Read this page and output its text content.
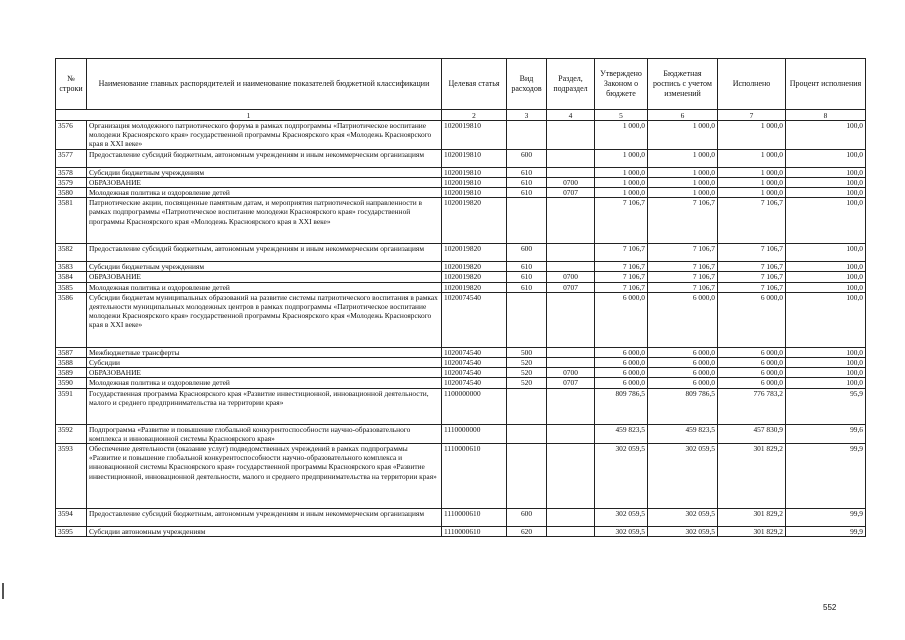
№ строки	Наименование главных распорядителей и наименование показателей бюджетной классификации	Целевая статья	Вид расходов	Раздел, подраздел	Утверждено Законом о бюджете	Бюджетная роспись с учетом изменений	Исполнено	Процент исполнения
1		2	3	4	5	6	7	8
3576	Организация молодежного патриотического форума в рамках подпрограммы «Патриотическое воспитание молодежи Красноярского края» государственной программы Красноярского края «Молодежь Красноярского края в XXI веке»	1020019810			1 000,0	1 000,0	1 000,0	100,0
3577	Предоставление субсидий бюджетным, автономным учреждениям и иным некоммерческим организациям	1020019810	600		1 000,0	1 000,0	1 000,0	100,0
3578	Субсидии бюджетным учреждениям	1020019810	610		1 000,0	1 000,0	1 000,0	100,0
3579	ОБРАЗОВАНИЕ	1020019810	610	0700	1 000,0	1 000,0	1 000,0	100,0
3580	Молодежная политика и оздоровление детей	1020019810	610	0707	1 000,0	1 000,0	1 000,0	100,0
3581	Патриотические акции, посвященные памятным датам, и мероприятия патриотической направленности в рамках подпрограммы «Патриотическое воспитание молодежи Красноярского края» государственной программы Красноярского края «Молодежь Красноярского края в XXI веке»	1020019820			7 106,7	7 106,7	7 106,7	100,0
3582	Предоставление субсидий бюджетным, автономным учреждениям и иным некоммерческим организациям	1020019820	600		7 106,7	7 106,7	7 106,7	100,0
3583	Субсидии бюджетным учреждениям	1020019820	610		7 106,7	7 106,7	7 106,7	100,0
3584	ОБРАЗОВАНИЕ	1020019820	610	0700	7 106,7	7 106,7	7 106,7	100,0
3585	Молодежная политика и оздоровление детей	1020019820	610	0707	7 106,7	7 106,7	7 106,7	100,0
3586	Субсидии бюджетам муниципальных образований на развитие системы патриотического воспитания в рамках деятельности муниципальных молодежных центров в рамках подпрограммы «Патриотическое воспитание молодежи Красноярского края» государственной программы Красноярского края «Молодежь Красноярского края в XXI веке»	1020074540			6 000,0	6 000,0	6 000,0	100,0
3587	Межбюджетные трансферты	1020074540	500		6 000,0	6 000,0	6 000,0	100,0
3588	Субсидии	1020074540	520		6 000,0	6 000,0	6 000,0	100,0
3589	ОБРАЗОВАНИЕ	1020074540	520	0700	6 000,0	6 000,0	6 000,0	100,0
3590	Молодежная политика и оздоровление детей	1020074540	520	0707	6 000,0	6 000,0	6 000,0	100,0
3591	Государственная программа Красноярского края «Развитие инвестиционной, инновационной деятельности, малого и среднего предпринимательства на территории края»	1100000000			809 786,5	809 786,5	776 783,2	95,9
3592	Подпрограмма «Развитие и повышение глобальной конкурентоспособности научно-образовательного комплекса и инновационной системы Красноярского края»	1110000000			459 823,5	459 823,5	457 830,9	99,6
3593	Обеспечение деятельности (оказание услуг) подведомственных учреждений в рамках подпрограммы «Развитие и повышение глобальной конкурентоспособности научно-образовательного комплекса и инновационной системы Красноярского края» государственной программы Красноярского края «Развитие инвестиционной, инновационной деятельности, малого и среднего предпринимательства на территории края»	1110000610			302 059,5	302 059,5	301 829,2	99,9
3594	Предоставление субсидий бюджетным, автономным учреждениям и иным некоммерческим организациям	1110000610	600		302 059,5	302 059,5	301 829,2	99,9
3595	Субсидии автономным учреждениям	1110000610	620		302 059,5	302 059,5	301 829,2	99,9
552
